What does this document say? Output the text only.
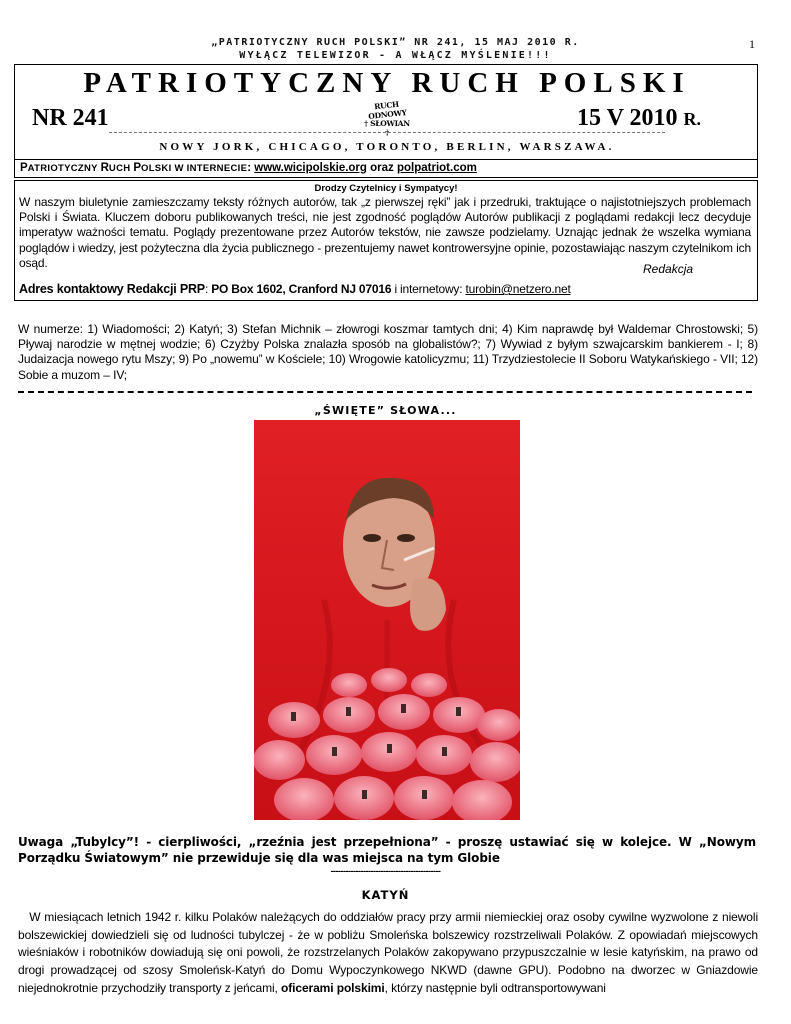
„PATRIOTYCZNY RUCH POLSKI” NR 241, 15 MAJ 2010 R.
WYŁĄCZ TELEWIZOR - A WŁĄCZ MYŚLENIE!!!
1
PATRIOTYCZNY RUCH POLSKI
NR 241	RUCH ODNOWY
† SŁOWIAN †
15 V 2010 R.
NOWY JORK, CHICAGO, TORONTO, BERLIN, WARSZAWA.
PATRIOTYCZNY RUCH POLSKI W INTERNECIE: www.wicipolskie.org oraz polpatriot.com
Drodzy Czytelnicy i Sympatycy!
W naszym biuletynie zamieszczamy teksty różnych autorów, tak „z pierwszej ręki” jak i przedruki, traktujące o najistotniejszych problemach Polski i Świata. Kluczem doboru publikowanych treści, nie jest zgodność poglądów Autorów publikacji z poglądami redakcji lecz decyduje imperatyw ważności tematu. Poglądy prezentowane przez Autorów tekstów, nie zawsze podzielamy. Uznając jednak że wszelka wymiana poglądów i wiedzy, jest pożyteczna dla życia publicznego - prezentujemy nawet kontrowersyjne opinie, pozostawiając naszym czytelnikom ich osąd.	Redakcja
Adres kontaktowy Redakcji PRP: PO Box 1602, Cranford NJ 07016 i internetowy: turobin@netzero.net
W numerze: 1) Wiadomości; 2) Katyń; 3) Stefan Michnik – złowrogi koszmar tamtych dni; 4) Kim naprawdę był Waldemar Chrostowski; 5) Pływaj narodzie w mętnej wodzie; 6) Czyżby Polska znalazła sposób na globalistów?; 7) Wywiad z byłym szwajcarskim bankierem - I; 8) Judaizacja nowego rytu Mszy; 9) Po „nowemu” w Kościele; 10) Wrogowie katolicyzmu; 11) Trzydziestolecie II Soboru Watykańskiego - VII; 12) Sobie a muzom – IV;
„ŚWIĘTE” SŁOWA...
Uwaga „Tubylcy”! - cierpliwości, „rzeźnia jest przepełniona” - proszę ustawiać się w kolejce. W „Nowym Porządku Światowym” nie przewiduje się dla was miejsca na tym Globie
--------------------------------------------
KATYŃ
W miesiącach letnich 1942 r. kilku Polaków należących do oddziałów pracy przy armii niemieckiej oraz osoby cywilne wyzwolone z niewoli bolszewickiej dowiedzieli się od ludności tubylczej - że w pobliżu Smoleńska bolszewicy rozstrzeliwali Polaków. Z opowiadań miejscowych wieśniaków i robotników dowiadują się oni powoli, że rozstrzelanych Polaków zakopywano przypuszczalnie w lesie katyńskim, na prawo od drogi prowadzącej od szosy Smoleńsk-Katyń do Domu Wypoczynkowego NKWD (dawne GPU). Podobno na dworzec w Gniazdowie niejednokrotnie przychodziły transporty z jeńcami, oficerami polskimi, którzy następnie byli odtransportowywani
